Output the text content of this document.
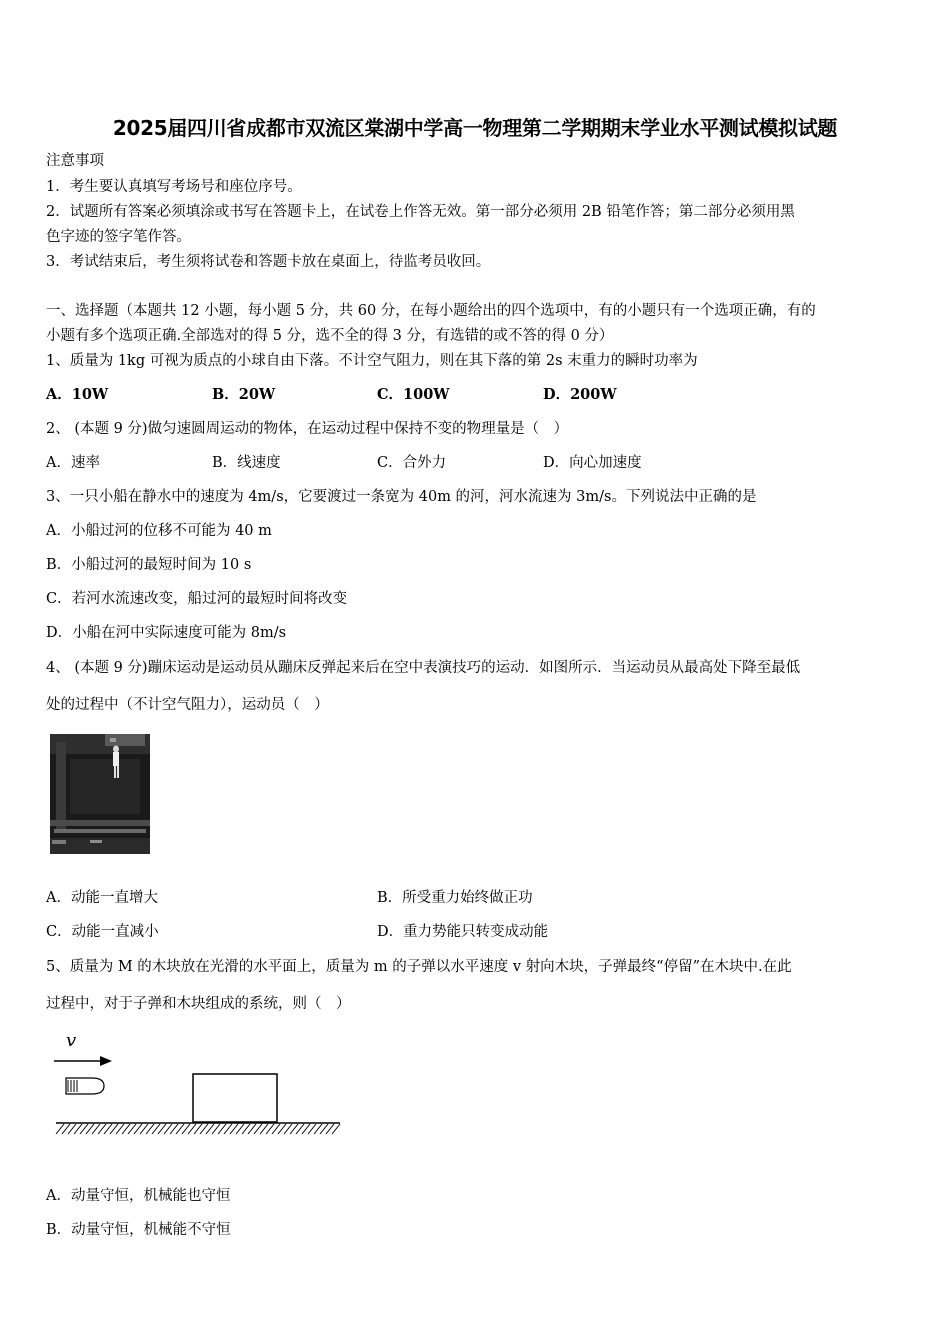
2025届四川省成都市双流区棠湖中学高一物理第二学期期末学业水平测试模拟试题
注意事项
1．考生要认真填写考场号和座位序号。
2．试题所有答案必须填涂或书写在答题卡上，在试卷上作答无效。第一部分必须用 2B 铅笔作答；第二部分必须用黑
色字迹的签字笔作答。
3．考试结束后，考生须将试卷和答题卡放在桌面上，待监考员收回。
一、选择题（本题共 12 小题，每小题 5 分，共 60 分，在每小题给出的四个选项中，有的小题只有一个选项正确，有的
小题有多个选项正确.全部选对的得 5 分，选不全的得 3 分，有选错的或不答的得 0 分）
1、质量为 1kg 可视为质点的小球自由下落。不计空气阻力，则在其下落的第 2s 末重力的瞬时功率为
A．10W	B．20W	C．100W	D．200W
2、 (本题 9 分)做匀速圆周运动的物体，在运动过程中保持不变的物理量是（　）
A．速率	B．线速度	C．合外力	D．向心加速度
3、一只小船在静水中的速度为 4m/s，它要渡过一条宽为 40m 的河，河水流速为 3m/s。下列说法中正确的是
A．小船过河的位移不可能为 40 m
B．小船过河的最短时间为 10 s
C．若河水流速改变，船过河的最短时间将改变
D．小船在河中实际速度可能为 8m/s
4、 (本题 9 分)蹦床运动是运动员从蹦床反弹起来后在空中表演技巧的运动．如图所示．当运动员从最高处下降至最低
处的过程中（不计空气阻力），运动员（　）
A．动能一直增大	B．所受重力始终做正功
C．动能一直减小	D．重力势能只转变成动能
5、质量为 M 的木块放在光滑的水平面上，质量为 m 的子弹以水平速度 v 射向木块，子弹最终“停留”在木块中.在此
过程中，对于子弹和木块组成的系统，则（　）
v
A．动量守恒，机械能也守恒
B．动量守恒，机械能不守恒
